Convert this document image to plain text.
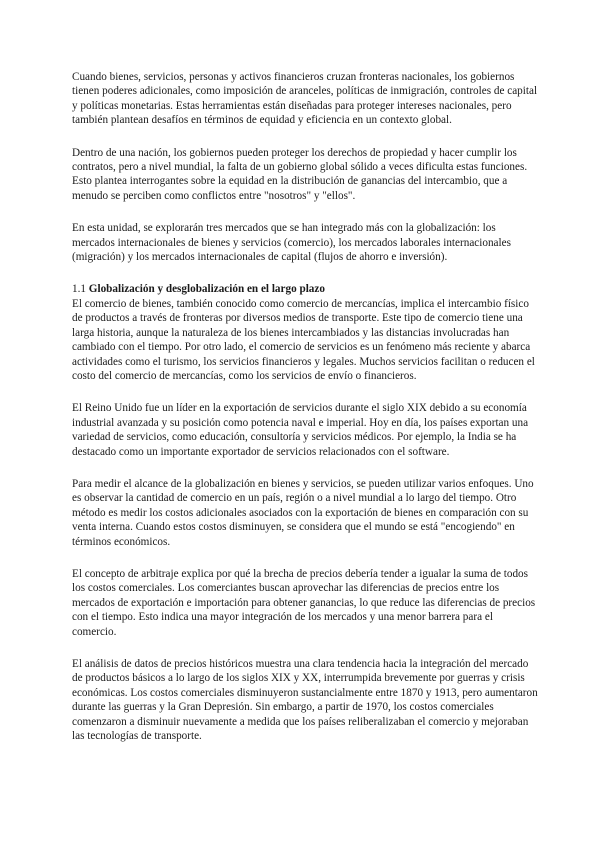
Cuando bienes, servicios, personas y activos financieros cruzan fronteras nacionales, los gobiernos tienen poderes adicionales, como imposición de aranceles, políticas de inmigración, controles de capital y políticas monetarias. Estas herramientas están diseñadas para proteger intereses nacionales, pero también plantean desafíos en términos de equidad y eficiencia en un contexto global.

Dentro de una nación, los gobiernos pueden proteger los derechos de propiedad y hacer cumplir los contratos, pero a nivel mundial, la falta de un gobierno global sólido a veces dificulta estas funciones. Esto plantea interrogantes sobre la equidad en la distribución de ganancias del intercambio, que a menudo se perciben como conflictos entre "nosotros" y "ellos".

En esta unidad, se explorarán tres mercados que se han integrado más con la globalización: los mercados internacionales de bienes y servicios (comercio), los mercados laborales internacionales (migración) y los mercados internacionales de capital (flujos de ahorro e inversión).

1.1 Globalización y desglobalización en el largo plazo

El comercio de bienes, también conocido como comercio de mercancías, implica el intercambio físico de productos a través de fronteras por diversos medios de transporte. Este tipo de comercio tiene una larga historia, aunque la naturaleza de los bienes intercambiados y las distancias involucradas han cambiado con el tiempo. Por otro lado, el comercio de servicios es un fenómeno más reciente y abarca actividades como el turismo, los servicios financieros y legales. Muchos servicios facilitan o reducen el costo del comercio de mercancías, como los servicios de envío o financieros.

El Reino Unido fue un líder en la exportación de servicios durante el siglo XIX debido a su economía industrial avanzada y su posición como potencia naval e imperial. Hoy en día, los países exportan una variedad de servicios, como educación, consultoría y servicios médicos. Por ejemplo, la India se ha destacado como un importante exportador de servicios relacionados con el software.

Para medir el alcance de la globalización en bienes y servicios, se pueden utilizar varios enfoques. Uno es observar la cantidad de comercio en un país, región o a nivel mundial a lo largo del tiempo. Otro método es medir los costos adicionales asociados con la exportación de bienes en comparación con su venta interna. Cuando estos costos disminuyen, se considera que el mundo se está "encogiendo" en términos económicos.

El concepto de arbitraje explica por qué la brecha de precios debería tender a igualar la suma de todos los costos comerciales. Los comerciantes buscan aprovechar las diferencias de precios entre los mercados de exportación e importación para obtener ganancias, lo que reduce las diferencias de precios con el tiempo. Esto indica una mayor integración de los mercados y una menor barrera para el comercio.

El análisis de datos de precios históricos muestra una clara tendencia hacia la integración del mercado de productos básicos a lo largo de los siglos XIX y XX, interrumpida brevemente por guerras y crisis económicas. Los costos comerciales disminuyeron sustancialmente entre 1870 y 1913, pero aumentaron durante las guerras y la Gran Depresión. Sin embargo, a partir de 1970, los costos comerciales comenzaron a disminuir nuevamente a medida que los países reliberalizaban el comercio y mejoraban las tecnologías de transporte.
